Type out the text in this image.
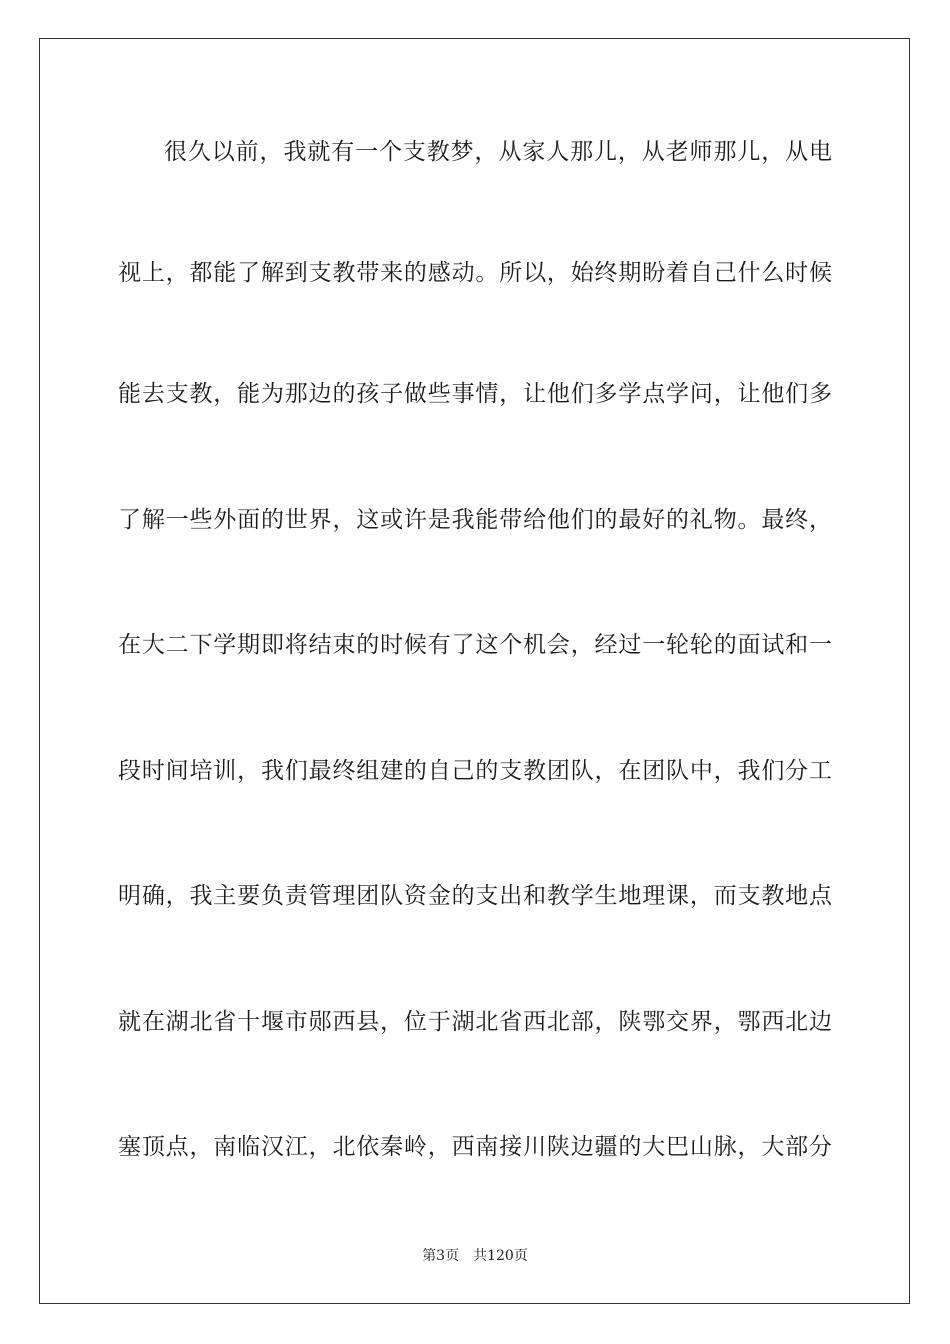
很久以前，我就有一个支教梦，从家人那儿，从老师那儿，从电
视上，都能了解到支教带来的感动。所以，始终期盼着自己什么时候
能去支教，能为那边的孩子做些事情，让他们多学点学问，让他们多
了解一些外面的世界，这或许是我能带给他们的最好的礼物。最终，
在大二下学期即将结束的时候有了这个机会，经过一轮轮的面试和一
段时间培训，我们最终组建的自己的支教团队，在团队中，我们分工
明确，我主要负责管理团队资金的支出和教学生地理课，而支教地点
就在湖北省十堰市郧西县，位于湖北省西北部，陕鄂交界，鄂西北边
塞顶点，南临汉江，北依秦岭，西南接川陕边疆的大巴山脉，大部分
第3页 共120页
